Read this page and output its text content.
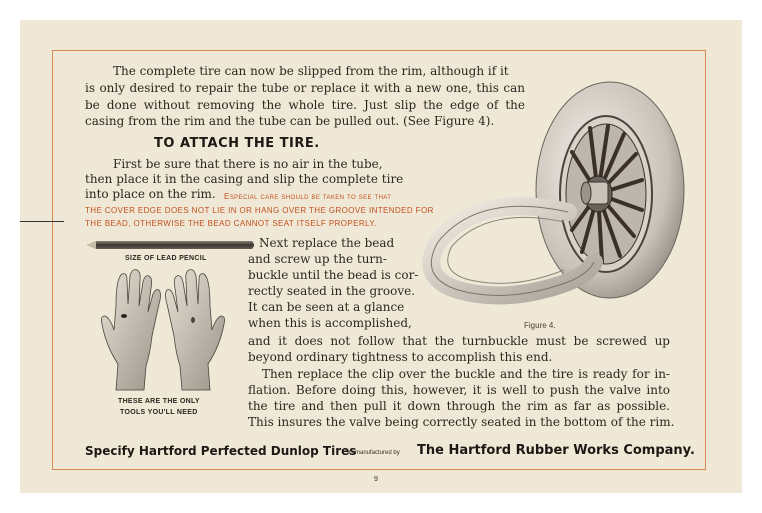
The complete tire can now be slipped from the rim, although if it
is only desired to repair the tube or replace it with a new one, this can
be done without removing the whole tire. Just slip the edge of the
casing from the rim and the tube can be pulled out. (See Figure 4).
TO ATTACH THE TIRE.
First be sure that there is no air in the tube,
then place it in the casing and slip the complete tire
into place on the rim. Especial care should be taken to see that
THE COVER EDGE DOES NOT LIE IN OR HANG OVER THE GROOVE INTENDED FOR
THE BEAD, OTHERWISE THE BEAD CANNOT SEAT ITSELF PROPERLY.
SIZE OF LEAD PENCIL
THESE ARE THE ONLY
TOOLS YOU'LL NEED
Next replace the bead
and screw up the turn-
buckle until the bead is cor-
rectly seated in the groove.
It can be seen at a glance
when this is accomplished,
and it does not follow that the turnbuckle must be screwed up
beyond ordinary tightness to accomplish this end.
Then replace the clip over the buckle and the tire is ready for in-
flation. Before doing this, however, it is well to push the valve into
the tire and then pull it down through the rim as far as possible.
This insures the valve being correctly seated in the bottom of the rim.
Figure 4.
Specify Hartford Perfected Dunlop Tires
as manufactured by The Hartford Rubber Works Company.
9
